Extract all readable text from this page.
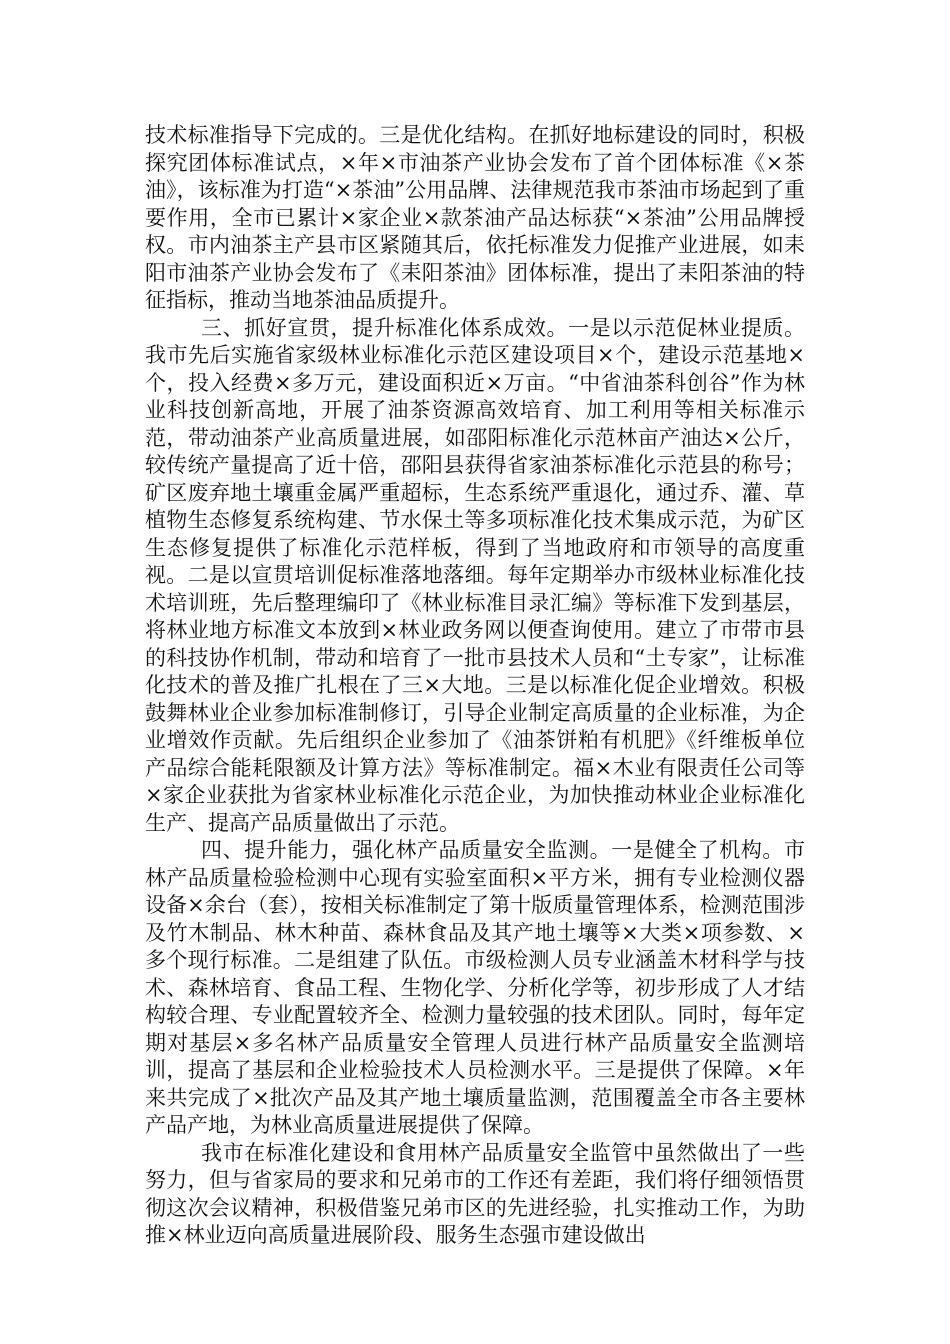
技术标准指导下完成的。三是优化结构。在抓好地标建设的同时，积极探究团体标准试点，×年×市油茶产业协会发布了首个团体标准《×茶油》，该标准为打造“×茶油”公用品牌、法律规范我市茶油市场起到了重要作用，全市已累计×家企业×款茶油产品达标获“×茶油”公用品牌授权。市内油茶主产县市区紧随其后，依托标准发力促推产业进展，如耒阳市油茶产业协会发布了《耒阳茶油》团体标准，提出了耒阳茶油的特征指标，推动当地茶油品质提升。

三、抓好宣贯，提升标准化体系成效。一是以示范促林业提质。我市先后实施省家级林业标准化示范区建设项目×个，建设示范基地×个，投入经费×多万元，建设面积近×万亩。“中省油茶科创谷”作为林业科技创新高地，开展了油茶资源高效培育、加工利用等相关标准示范，带动油茶产业高质量进展，如邵阳标准化示范林亩产油达×公斤，较传统产量提高了近十倍，邵阳县获得省家油茶标准化示范县的称号；矿区废弃地土壤重金属严重超标，生态系统严重退化，通过乔、灌、草植物生态修复系统构建、节水保土等多项标准化技术集成示范，为矿区生态修复提供了标准化示范样板，得到了当地政府和市领导的高度重视。二是以宣贯培训促标准落地落细。每年定期举办市级林业标准化技术培训班，先后整理编印了《林业标准目录汇编》等标准下发到基层，将林业地方标准文本放到×林业政务网以便查询使用。建立了市带市县的科技协作机制，带动和培育了一批市县技术人员和“土专家”，让标准化技术的普及推广扎根在了三×大地。三是以标准化促企业增效。积极鼓舞林业企业参加标准制修订，引导企业制定高质量的企业标准，为企业增效作贡献。先后组织企业参加了《油茶饼粕有机肥》《纤维板单位产品综合能耗限额及计算方法》等标准制定。福×木业有限责任公司等×家企业获批为省家林业标准化示范企业，为加快推动林业企业标准化生产、提高产品质量做出了示范。

四、提升能力，强化林产品质量安全监测。一是健全了机构。市林产品质量检验检测中心现有实验室面积×平方米，拥有专业检测仪器设备×余台（套），按相关标准制定了第十版质量管理体系，检测范围涉及竹木制品、林木种苗、森林食品及其产地土壤等×大类×项参数、×多个现行标准。二是组建了队伍。市级检测人员专业涵盖木材科学与技术、森林培育、食品工程、生物化学、分析化学等，初步形成了人才结构较合理、专业配置较齐全、检测力量较强的技术团队。同时，每年定期对基层×多名林产品质量安全管理人员进行林产品质量安全监测培训，提高了基层和企业检验技术人员检测水平。三是提供了保障。×年来共完成了×批次产品及其产地土壤质量监测，范围覆盖全市各主要林产品产地，为林业高质量进展提供了保障。

我市在标准化建设和食用林产品质量安全监管中虽然做出了一些努力，但与省家局的要求和兄弟市的工作还有差距，我们将仔细领悟贯彻这次会议精神，积极借鉴兄弟市区的先进经验，扎实推动工作，为助推×林业迈向高质量进展阶段、服务生态强市建设做出
